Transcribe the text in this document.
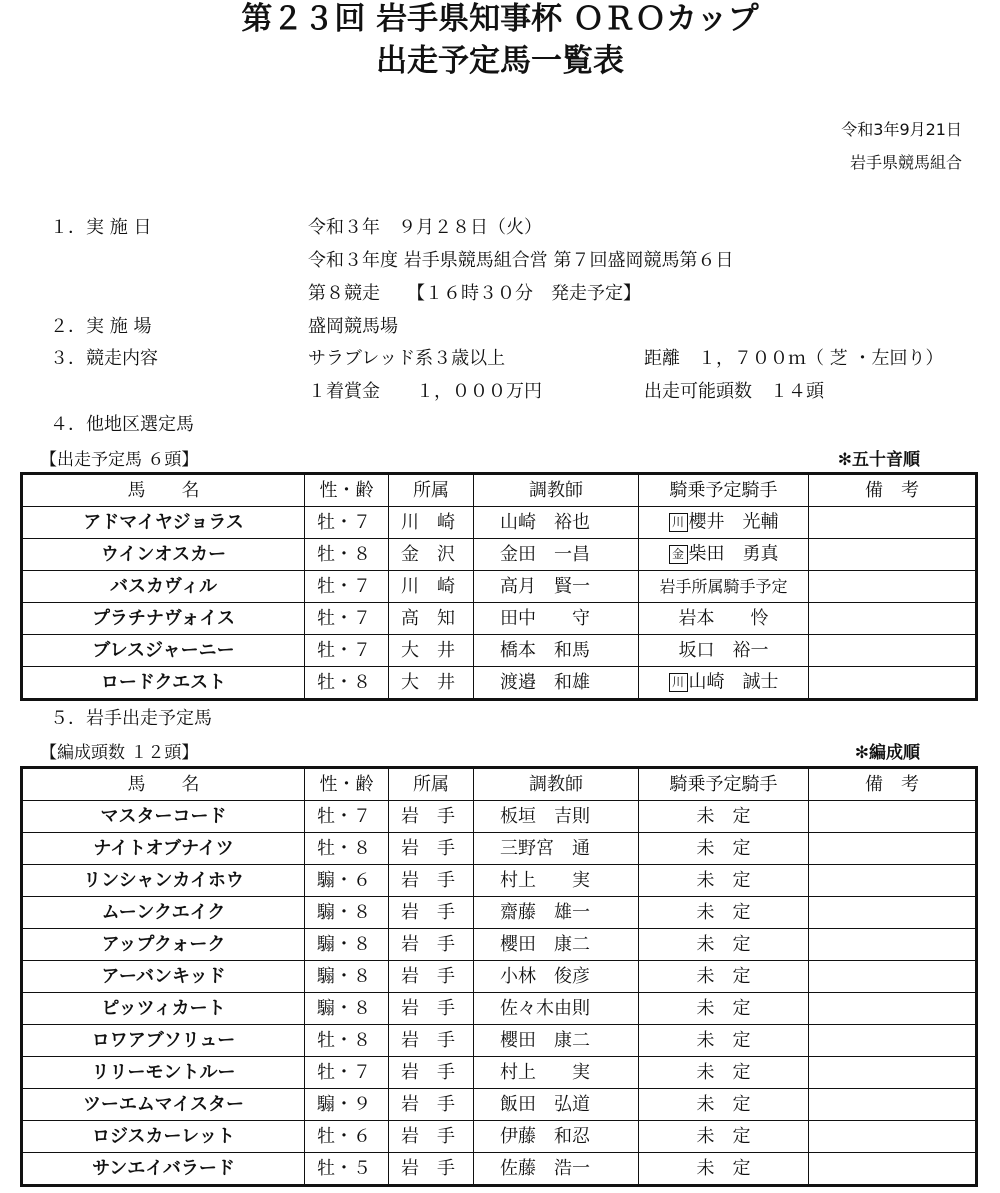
第２３回 岩手県知事杯 ＯＲＯカップ
出走予定馬一覧表
令和3年9月21日
岩手県競馬組合
１．実 施 日	令和３年　９月２８日（火）
令和３年度 岩手県競馬組合営 第７回盛岡競馬第６日
第８競走　　【１６時３０分　発走予定】
２．実 施 場	盛岡競馬場
３．競走内容	サラブレッド系３歳以上	距離　１，７００ｍ（ 芝 ・左回り）
１着賞金　　１，０００万円	出走可能頭数　１４頭
４．他地区選定馬
【出走予定馬 ６頭】	✻五十音順
馬　　名	性・齢	所属	調教師	騎乗予定騎手	備　考
アドマイヤジョラス	牡・７	川　崎	山崎　裕也	川 櫻井　光輔	
ウインオスカー	牡・８	金　沢	金田　一昌	金 柴田　勇真	
バスカヴィル	牡・７	川　崎	高月　賢一	岩手所属騎手予定	
プラチナヴォイス	牡・７	高　知	田中　　守	岩本　　怜	
ブレスジャーニー	牡・７	大　井	橋本　和馬	坂口　裕一	
ロードクエスト	牡・８	大　井	渡邉　和雄	川 山崎　誠士	
５．岩手出走予定馬
【編成頭数 １２頭】	✻編成順
馬　　名	性・齢	所属	調教師	騎乗予定騎手	備　考
マスターコード	牡・７	岩　手	板垣　吉則	未　定	
ナイトオブナイツ	牡・８	岩　手	三野宮　通	未　定	
リンシャンカイホウ	騸・６	岩　手	村上　　実	未　定	
ムーンクエイク	騸・８	岩　手	齋藤　雄一	未　定	
アップクォーク	騸・８	岩　手	櫻田　康二	未　定	
アーバンキッド	騸・８	岩　手	小林　俊彦	未　定	
ピッツィカート	騸・８	岩　手	佐々木由則	未　定	
ロワアブソリュー	牡・８	岩　手	櫻田　康二	未　定	
リリーモントルー	牡・７	岩　手	村上　　実	未　定	
ツーエムマイスター	騸・９	岩　手	飯田　弘道	未　定	
ロジスカーレット	牡・６	岩　手	伊藤　和忍	未　定	
サンエイバラード	牡・５	岩　手	佐藤　浩一	未　定	
